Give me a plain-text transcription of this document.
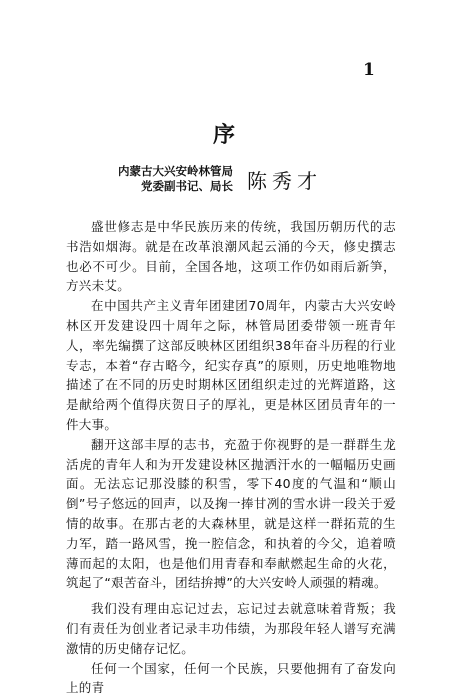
1
序
内蒙古大兴安岭林管局
党委副书记、局长 陈秀才

盛世修志是中华民族历来的传统，我国历朝历代的志书浩如烟海。就是在改革浪潮风起云涌的今天，修史撰志也必不可少。目前，全国各地，这项工作仍如雨后新笋，方兴未艾。

在中国共产主义青年团建团70周年，内蒙古大兴安岭林区开发建设四十周年之际，林管局团委带领一班青年人，率先编撰了这部反映林区团组织38年奋斗历程的行业专志，本着“存古略今，纪实存真”的原则，历史地唯物地描述了在不同的历史时期林区团组织走过的光辉道路，这是献给两个值得庆贺日子的厚礼，更是林区团员青年的一件大事。

翻开这部丰厚的志书，充盈于你视野的是一群群生龙活虎的青年人和为开发建设林区抛洒汗水的一幅幅历史画面。无法忘记那没膝的积雪，零下40度的气温和“顺山倒”号子悠远的回声，以及掬一捧甘冽的雪水讲一段关于爱情的故事。在那古老的大森林里，就是这样一群拓荒的生力军，踏一路风雪，挽一腔信念，和执着的今父，追着喷薄而起的太阳，也是他们用青春和奉献燃起生命的火花，筑起了“艰苦奋斗，团结拚搏”的大兴安岭人顽强的精魂。

我们没有理由忘记过去，忘记过去就意味着背叛；我们有责任为创业者记录丰功伟绩，为那段年轻人谱写充满激情的历史储存记忆。

任何一个国家，任何一个民族，只要他拥有了奋发向上的青
